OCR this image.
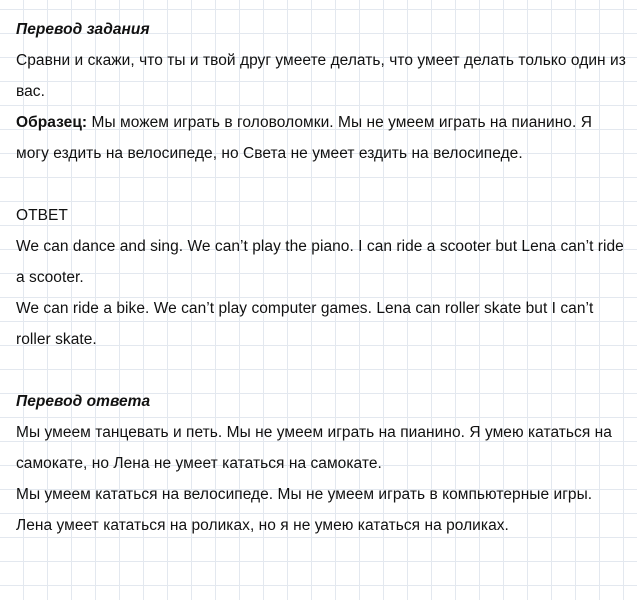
Перевод задания

Сравни и скажи, что ты и твой друг умеете делать, что умеет делать только один из вас.

Образец: Мы можем играть в головоломки. Мы не умеем играть на пианино. Я могу ездить на велосипеде, но Света не умеет ездить на велосипеде.

ОТВЕТ

We can dance and sing. We can’t play the piano. I can ride a scooter but Lena can’t ride a scooter.

We can ride a bike. We can’t play computer games. Lena can roller skate but I can’t roller skate.

Перевод ответа

Мы умеем танцевать и петь. Мы не умеем играть на пианино. Я умею кататься на самокате, но Лена не умеет кататься на самокате.

Мы умеем кататься на велосипеде. Мы не умеем играть в компьютерные игры. Лена умеет кататься на роликах, но я не умею кататься на роликах.
